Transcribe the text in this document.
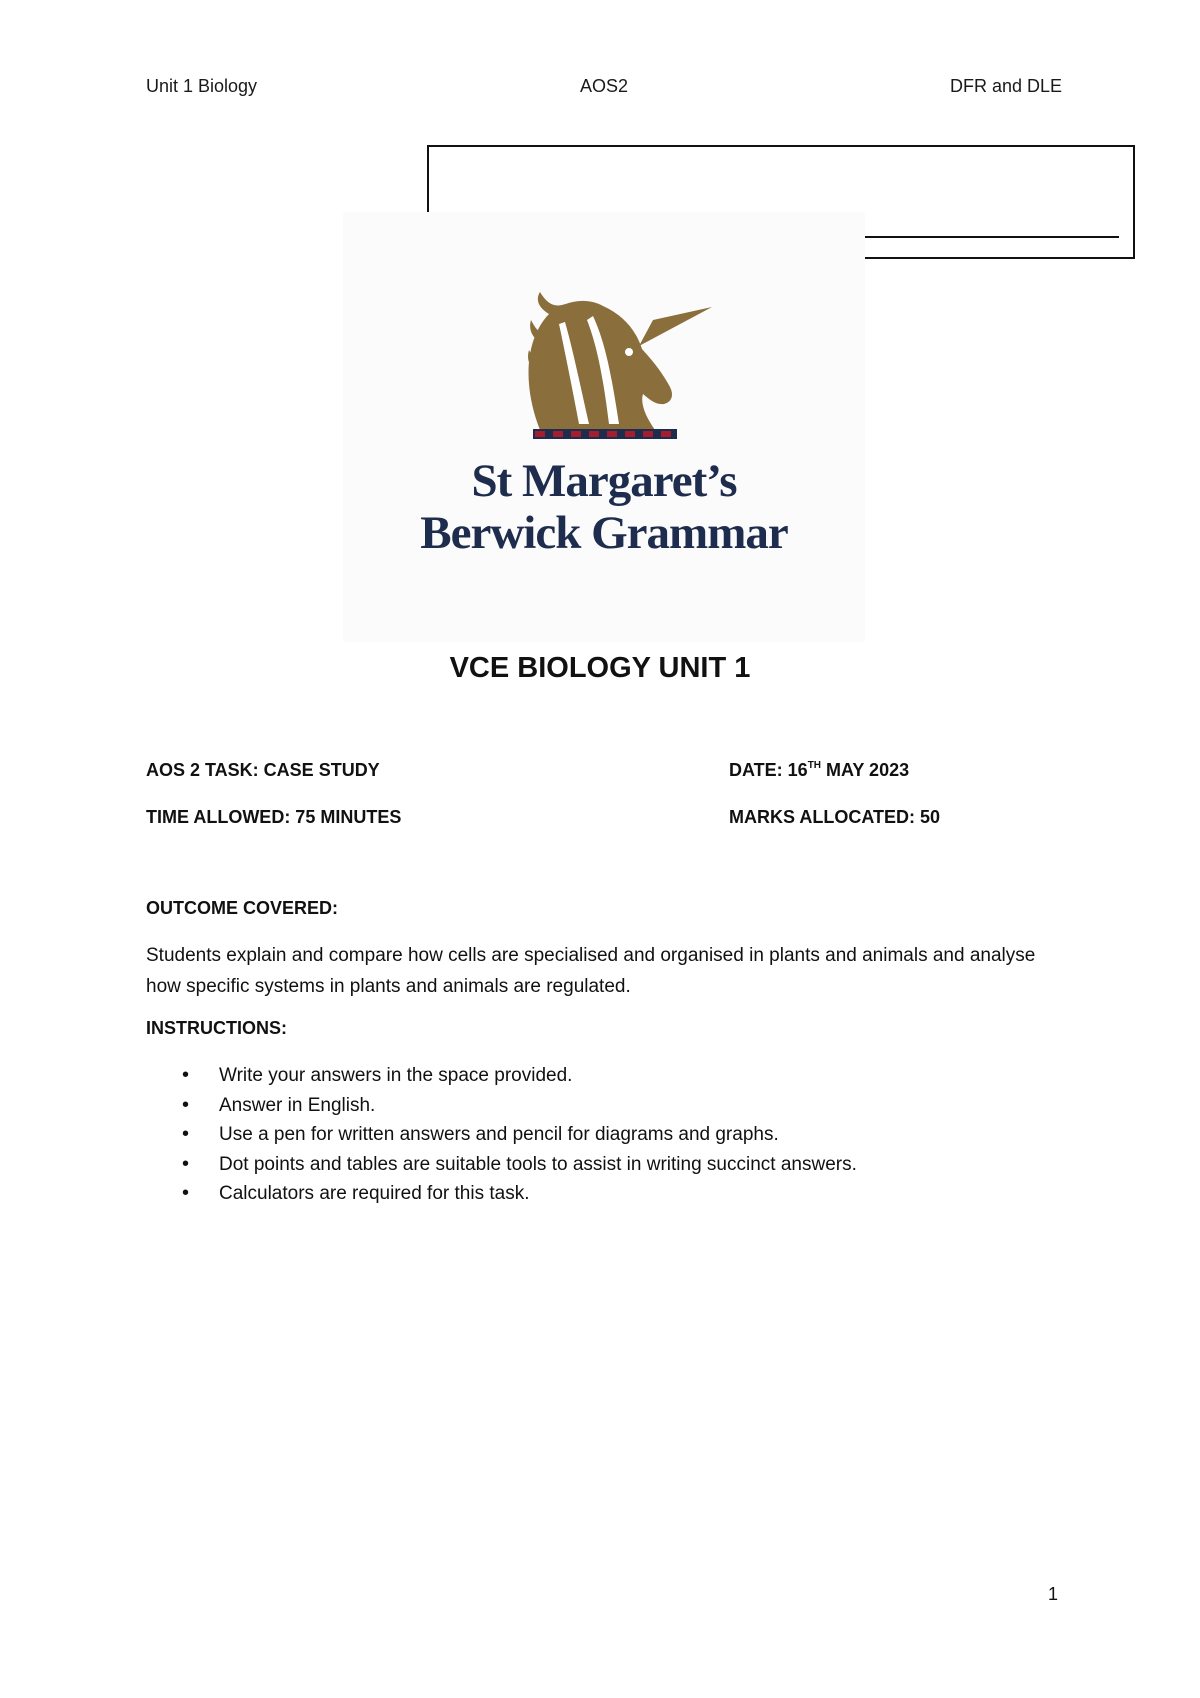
Unit 1 Biology	AOS2	DFR and DLE
St Margaret’s
Berwick Grammar
VCE BIOLOGY UNIT 1
AOS 2 TASK: CASE STUDY	DATE: 16TH MAY 2023
TIME ALLOWED: 75 MINUTES	MARKS ALLOCATED: 50
OUTCOME COVERED:
Students explain and compare how cells are specialised and organised in plants and animals and analyse how specific systems in plants and animals are regulated.
INSTRUCTIONS:
• Write your answers in the space provided.
• Answer in English.
• Use a pen for written answers and pencil for diagrams and graphs.
• Dot points and tables are suitable tools to assist in writing succinct answers.
• Calculators are required for this task.
1
